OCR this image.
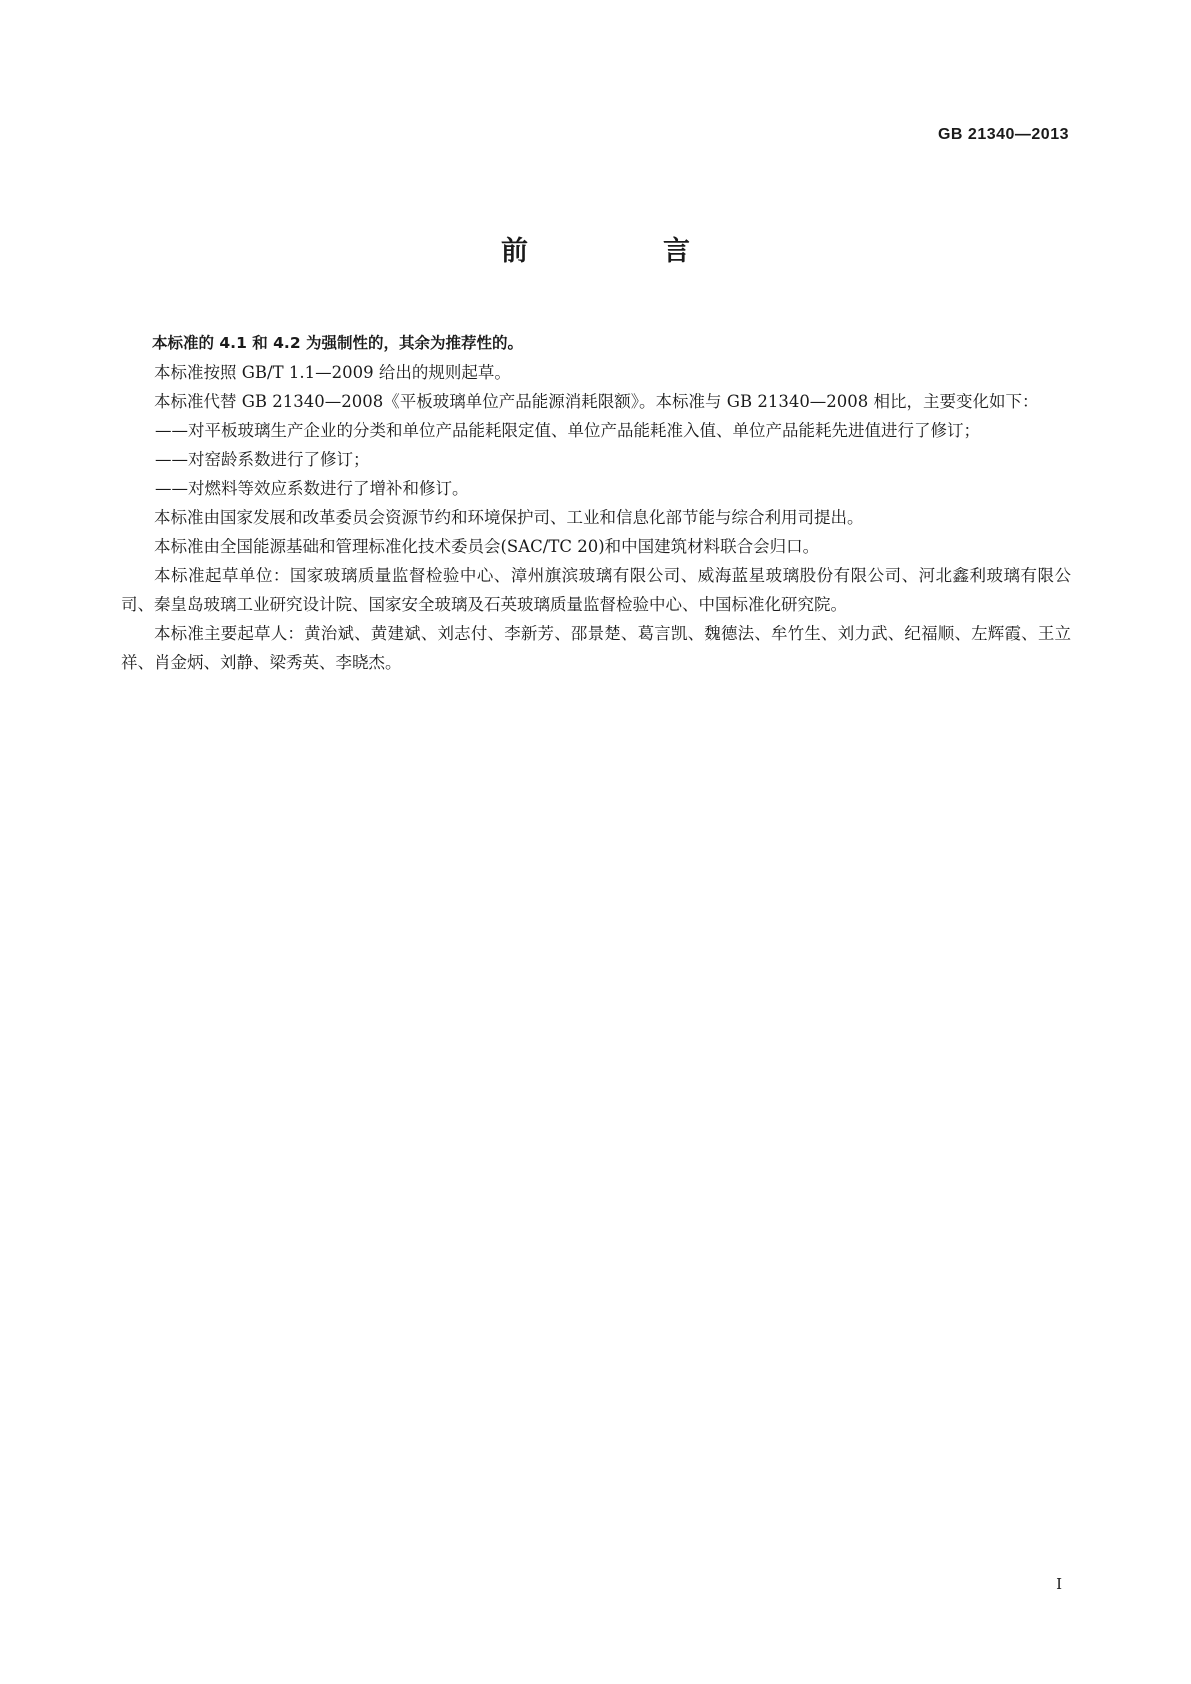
GB 21340—2013
前　言

本标准的 4.1 和 4.2 为强制性的，其余为推荐性的。

本标准按照 GB/T 1.1—2009 给出的规则起草。

本标准代替 GB 21340—2008《平板玻璃单位产品能源消耗限额》。本标准与 GB 21340—2008 相比，主要变化如下：

——对平板玻璃生产企业的分类和单位产品能耗限定值、单位产品能耗准入值、单位产品能耗先进值进行了修订；

——对窑龄系数进行了修订；

——对燃料等效应系数进行了增补和修订。

本标准由国家发展和改革委员会资源节约和环境保护司、工业和信息化部节能与综合利用司提出。

本标准由全国能源基础和管理标准化技术委员会(SAC/TC 20)和中国建筑材料联合会归口。

本标准起草单位：国家玻璃质量监督检验中心、漳州旗滨玻璃有限公司、威海蓝星玻璃股份有限公司、河北鑫利玻璃有限公司、秦皇岛玻璃工业研究设计院、国家安全玻璃及石英玻璃质量监督检验中心、中国标准化研究院。

本标准主要起草人：黄治斌、黄建斌、刘志付、李新芳、邵景楚、葛言凯、魏德法、牟竹生、刘力武、纪福顺、左辉霞、王立祥、肖金炳、刘静、梁秀英、李晓杰。

I
